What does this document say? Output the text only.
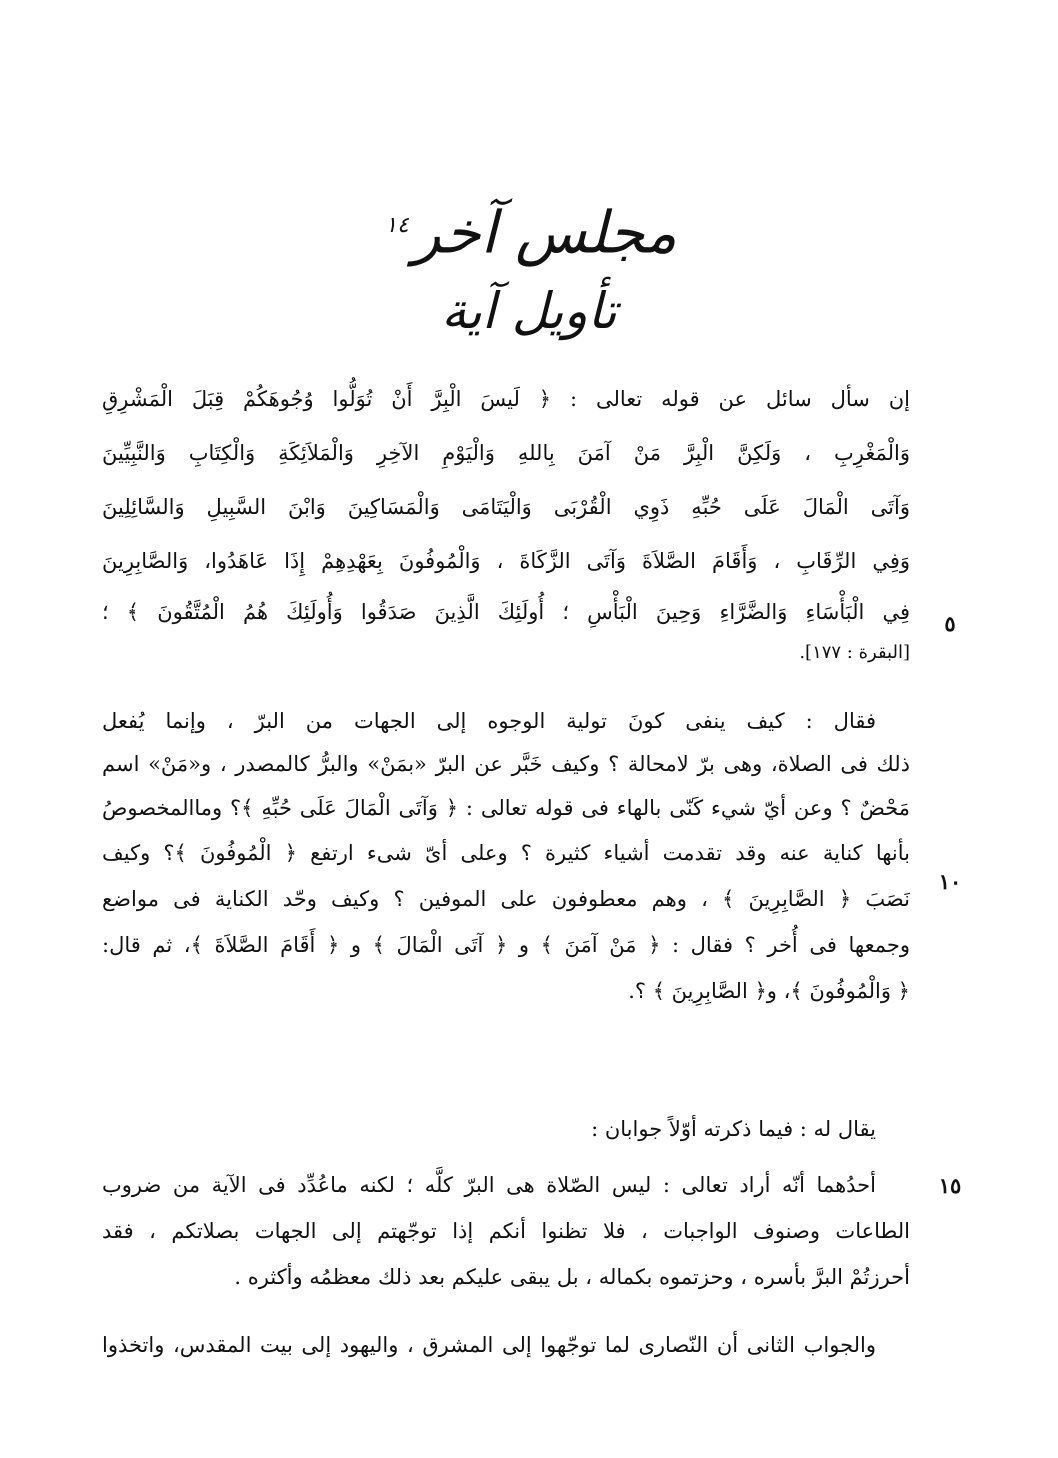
مجلس آخر$^{١٤}$
تأويل آية
إن سأل سائل عن قوله تعالى : ﴿ لَيسَ الْبِرَّ أَنْ تُوَلُّوا وُجُوهَكُمْ قِبَلَ الْمَشْرِقِ
وَالْمَغْرِبِ ، وَلَكِنَّ الْبِرَّ مَنْ آمَنَ بِاللهِ وَالْيَوْمِ الآخِرِ وَالْمَلاَئِكَةِ وَالْكِتَابِ وَالنَّبِيِّينَ
وَآتَى الْمَالَ عَلَى حُبِّهِ ذَوِي الْقُرْبَى وَالْيَتَامَى وَالْمَسَاكِينَ وَابْنَ السَّبِيلِ وَالسَّائِلِينَ
وَفِي الرِّقَابِ ، وَأَقَامَ الصَّلاَةَ وَآتَى الزَّكَاةَ ، وَالْمُوفُونَ بِعَهْدِهِمْ إِذَا عَاهَدُوا، وَالصَّابِرِينَ
فِي الْبَأْسَاءِ وَالضَّرَّاءِ وَحِينَ الْبَأْسِ ؛ أُولَئِكَ الَّذِينَ صَدَقُوا وَأُولَئِكَ هُمُ الْمُتَّقُونَ ﴾ ؛
[البقرة : ١٧٧].
فقال : كيف ينفى كونَ تولية الوجوه إلى الجهات من البرّ ، وإنما يُفعل
ذلك فى الصلاة، وهى برّ لامحالة ؟ وكيف خَبَّر عن البرّ «بمَنْ» والبرُّ كالمصدر ، و«مَنْ» اسم
مَحْضٌ ؟ وعن أيّ شيء كَنّى بالهاء فى قوله تعالى : ﴿ وَآتَى الْمَالَ عَلَى حُبِّهِ ﴾؟ وماالمخصوصُ
بأنها كناية عنه وقد تقدمت أشياء كثيرة ؟ وعلى أىّ شىء ارتفع ﴿ الْمُوفُونَ ﴾؟ وكيف
نَصَبَ ﴿ الصَّابِرِينَ ﴾ ، وهم معطوفون على الموفين ؟ وكيف وحّد الكناية فى مواضع
وجمعها فى أُخر ؟ فقال : ﴿ مَنْ آمَنَ ﴾ و ﴿ آتَى الْمَالَ ﴾ و ﴿ أَقَامَ الصَّلاَةَ ﴾، ثم قال:
﴿ وَالْمُوفُونَ ﴾، و﴿ الصَّابِرِينَ ﴾ ؟.
يقال له : فيما ذكرته أوّلاً جوابان :
أحدُهما أنّه أراد تعالى : ليس الصّلاة هى البرّ كلَّه ؛ لكنه ماعُدِّد فى الآية من ضروب
الطاعات وصنوف الواجبات ، فلا تظنوا أنكم إذا توجّهتم إلى الجهات بصلاتكم ، فقد
أحرزتُمْ البرَّ بأسره ، وحزتموه بكماله ، بل يبقى عليكم بعد ذلك معظمُه وأكثره .
والجواب الثانى أن النّصارى لما توجّهوا إلى المشرق ، واليهود إلى بيت المقدس، واتخذوا
٥
١٠
١٥
